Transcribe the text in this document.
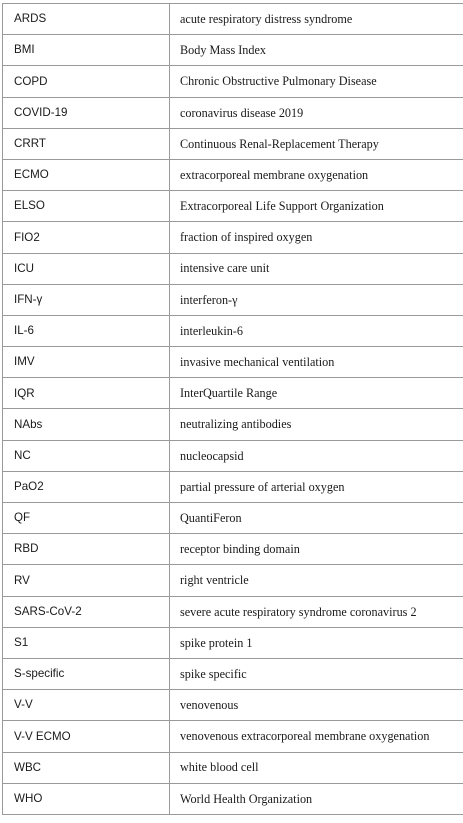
ARDS	acute respiratory distress syndrome
BMI	Body Mass Index
COPD	Chronic Obstructive Pulmonary Disease
COVID-19	coronavirus disease 2019
CRRT	Continuous Renal-Replacement Therapy
ECMO	extracorporeal membrane oxygenation
ELSO	Extracorporeal Life Support Organization
FIO2	fraction of inspired oxygen
ICU	intensive care unit
IFN-γ	interferon-γ
IL-6	interleukin-6
IMV	invasive mechanical ventilation
IQR	InterQuartile Range
NAbs	neutralizing antibodies
NC	nucleocapsid
PaO2	partial pressure of arterial oxygen
QF	QuantiFeron
RBD	receptor binding domain
RV	right ventricle
SARS-CoV-2	severe acute respiratory syndrome coronavirus 2
S1	spike protein 1
S-specific	spike specific
V-V	venovenous
V-V ECMO	venovenous extracorporeal membrane oxygenation
WBC	white blood cell
WHO	World Health Organization
